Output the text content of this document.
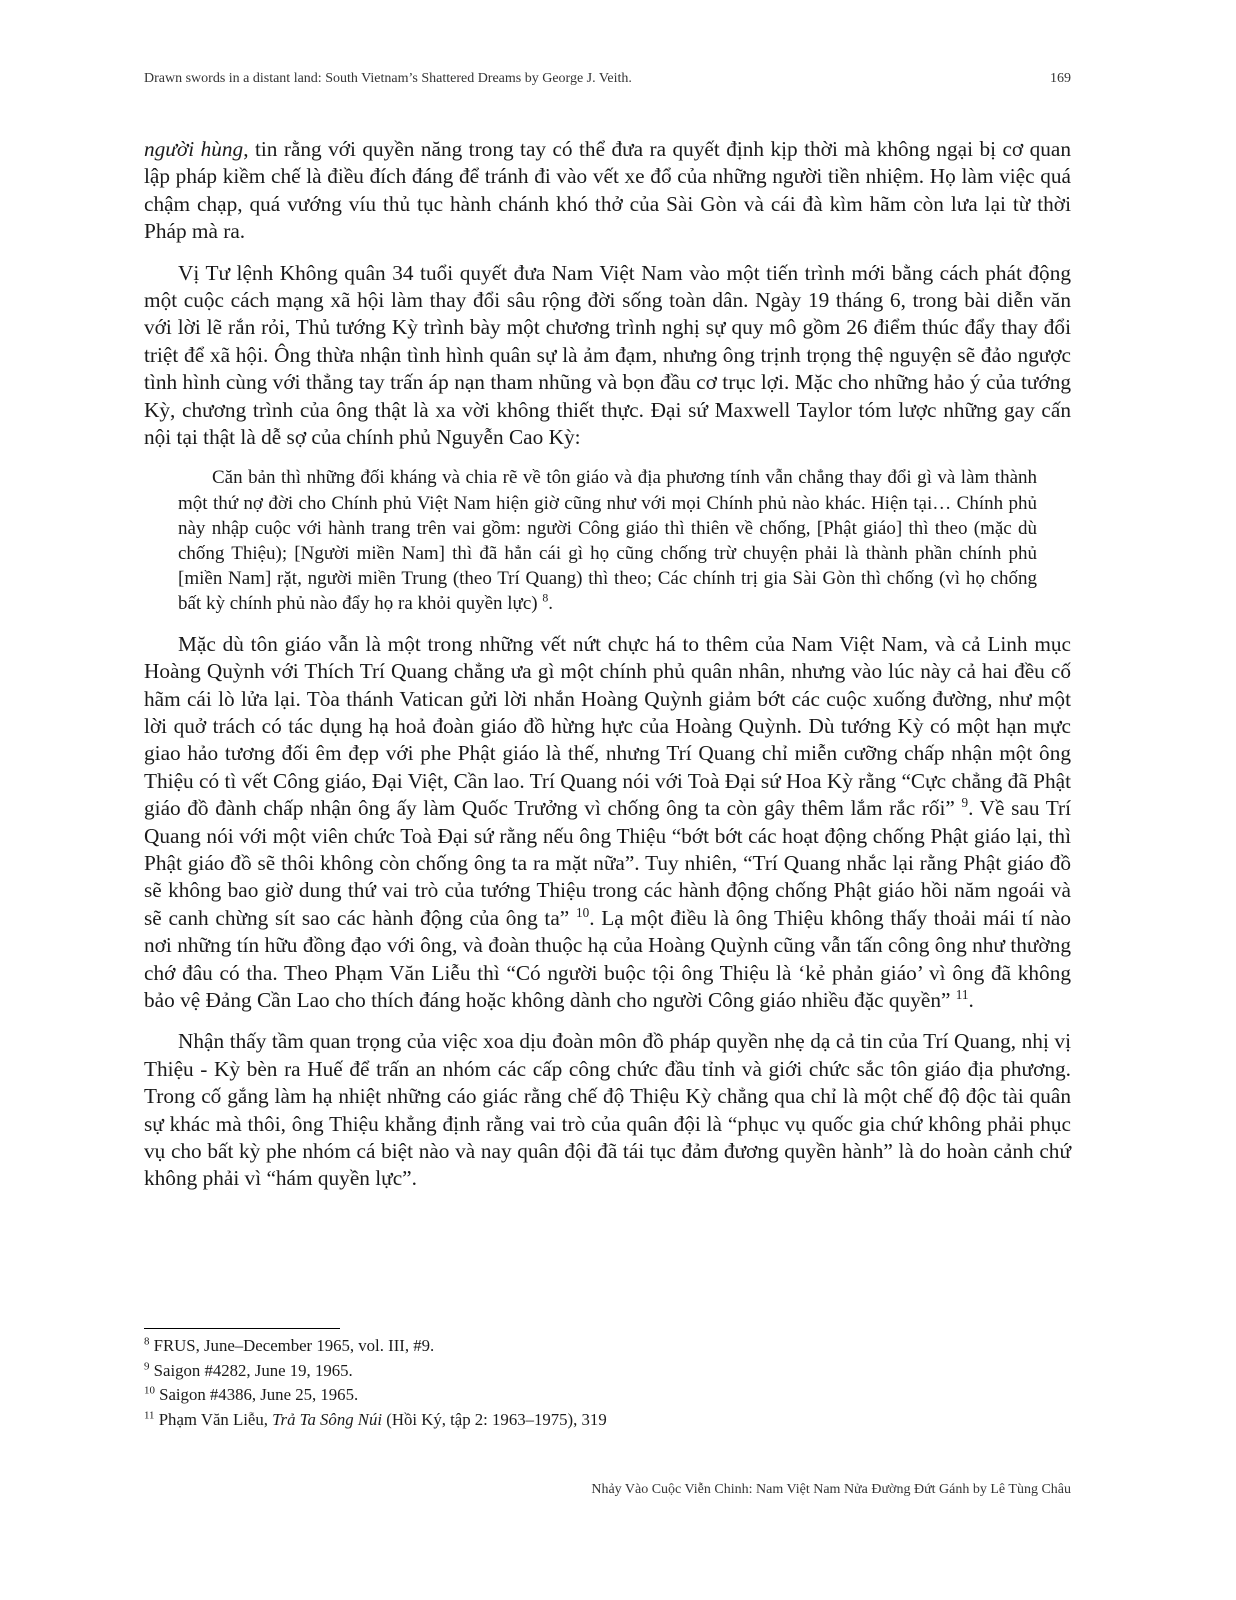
Drawn swords in a distant land: South Vietnam’s Shattered Dreams by George J. Veith.	169

người hùng, tin rằng với quyền năng trong tay có thể đưa ra quyết định kịp thời mà không ngại bị cơ quan lập pháp kiềm chế là điều đích đáng để tránh đi vào vết xe đổ của những người tiền nhiệm. Họ làm việc quá chậm chạp, quá vướng víu thủ tục hành chánh khó thở của Sài Gòn và cái đà kìm hãm còn lưa lại từ thời Pháp mà ra.

Vị Tư lệnh Không quân 34 tuổi quyết đưa Nam Việt Nam vào một tiến trình mới bằng cách phát động một cuộc cách mạng xã hội làm thay đổi sâu rộng đời sống toàn dân. Ngày 19 tháng 6, trong bài diễn văn với lời lẽ rắn rỏi, Thủ tướng Kỳ trình bày một chương trình nghị sự quy mô gồm 26 điểm thúc đẩy thay đổi triệt để xã hội. Ông thừa nhận tình hình quân sự là ảm đạm, nhưng ông trịnh trọng thệ nguyện sẽ đảo ngược tình hình cùng với thẳng tay trấn áp nạn tham nhũng và bọn đầu cơ trục lợi. Mặc cho những hảo ý của tướng Kỳ, chương trình của ông thật là xa vời không thiết thực. Đại sứ Maxwell Taylor tóm lược những gay cấn nội tại thật là dễ sợ của chính phủ Nguyễn Cao Kỳ:

Căn bản thì những đối kháng và chia rẽ về tôn giáo và địa phương tính vẫn chẳng thay đổi gì và làm thành một thứ nợ đời cho Chính phủ Việt Nam hiện giờ cũng như với mọi Chính phủ nào khác. Hiện tại… Chính phủ này nhập cuộc với hành trang trên vai gồm: người Công giáo thì thiên về chống, [Phật giáo] thì theo (mặc dù chống Thiệu); [Người miền Nam] thì đã hẳn cái gì họ cũng chống trừ chuyện phải là thành phần chính phủ [miền Nam] rặt, người miền Trung (theo Trí Quang) thì theo; Các chính trị gia Sài Gòn thì chống (vì họ chống bất kỳ chính phủ nào đẩy họ ra khỏi quyền lực) $^8$.

Mặc dù tôn giáo vẫn là một trong những vết nứt chực há to thêm của Nam Việt Nam, và cả Linh mục Hoàng Quỳnh với Thích Trí Quang chẳng ưa gì một chính phủ quân nhân, nhưng vào lúc này cả hai đều cố hãm cái lò lửa lại. Tòa thánh Vatican gửi lời nhắn Hoàng Quỳnh giảm bớt các cuộc xuống đường, như một lời quở trách có tác dụng hạ hoả đoàn giáo đồ hừng hực của Hoàng Quỳnh. Dù tướng Kỳ có một hạn mực giao hảo tương đối êm đẹp với phe Phật giáo là thế, nhưng Trí Quang chỉ miễn cưỡng chấp nhận một ông Thiệu có tì vết Công giáo, Đại Việt, Cần lao. Trí Quang nói với Toà Đại sứ Hoa Kỳ rằng “Cực chẳng đã Phật giáo đồ đành chấp nhận ông ấy làm Quốc Trưởng vì chống ông ta còn gây thêm lắm rắc rối” $^9$. Về sau Trí Quang nói với một viên chức Toà Đại sứ rằng nếu ông Thiệu “bớt bớt các hoạt động chống Phật giáo lại, thì Phật giáo đồ sẽ thôi không còn chống ông ta ra mặt nữa”. Tuy nhiên, “Trí Quang nhắc lại rằng Phật giáo đồ sẽ không bao giờ dung thứ vai trò của tướng Thiệu trong các hành động chống Phật giáo hồi năm ngoái và sẽ canh chừng sít sao các hành động của ông ta” $^{10}$. Lạ một điều là ông Thiệu không thấy thoải mái tí nào nơi những tín hữu đồng đạo với ông, và đoàn thuộc hạ của Hoàng Quỳnh cũng vẫn tấn công ông như thường chớ đâu có tha. Theo Phạm Văn Liễu thì “Có người buộc tội ông Thiệu là ‘kẻ phản giáo’ vì ông đã không bảo vệ Đảng Cần Lao cho thích đáng hoặc không dành cho người Công giáo nhiều đặc quyền” $^{11}$.

Nhận thấy tầm quan trọng của việc xoa dịu đoàn môn đồ pháp quyền nhẹ dạ cả tin của Trí Quang, nhị vị Thiệu - Kỳ bèn ra Huế để trấn an nhóm các cấp công chức đầu tỉnh và giới chức sắc tôn giáo địa phương. Trong cố gắng làm hạ nhiệt những cáo giác rằng chế độ Thiệu Kỳ chẳng qua chỉ là một chế độ độc tài quân sự khác mà thôi, ông Thiệu khẳng định rằng vai trò của quân đội là “phục vụ quốc gia chứ không phải phục vụ cho bất kỳ phe nhóm cá biệt nào và nay quân đội đã tái tục đảm đương quyền hành” là do hoàn cảnh chứ không phải vì “hám quyền lực”.

$^8$ FRUS, June–December 1965, vol. III, #9.
$^9$ Saigon #4282, June 19, 1965.
$^{10}$ Saigon #4386, June 25, 1965.
$^{11}$ Phạm Văn Liễu, Trả Ta Sông Núi (Hồi Ký, tập 2: 1963–1975), 319
Nhảy Vào Cuộc Viễn Chinh: Nam Việt Nam Nửa Đường Đứt Gánh by Lê Tùng Châu
